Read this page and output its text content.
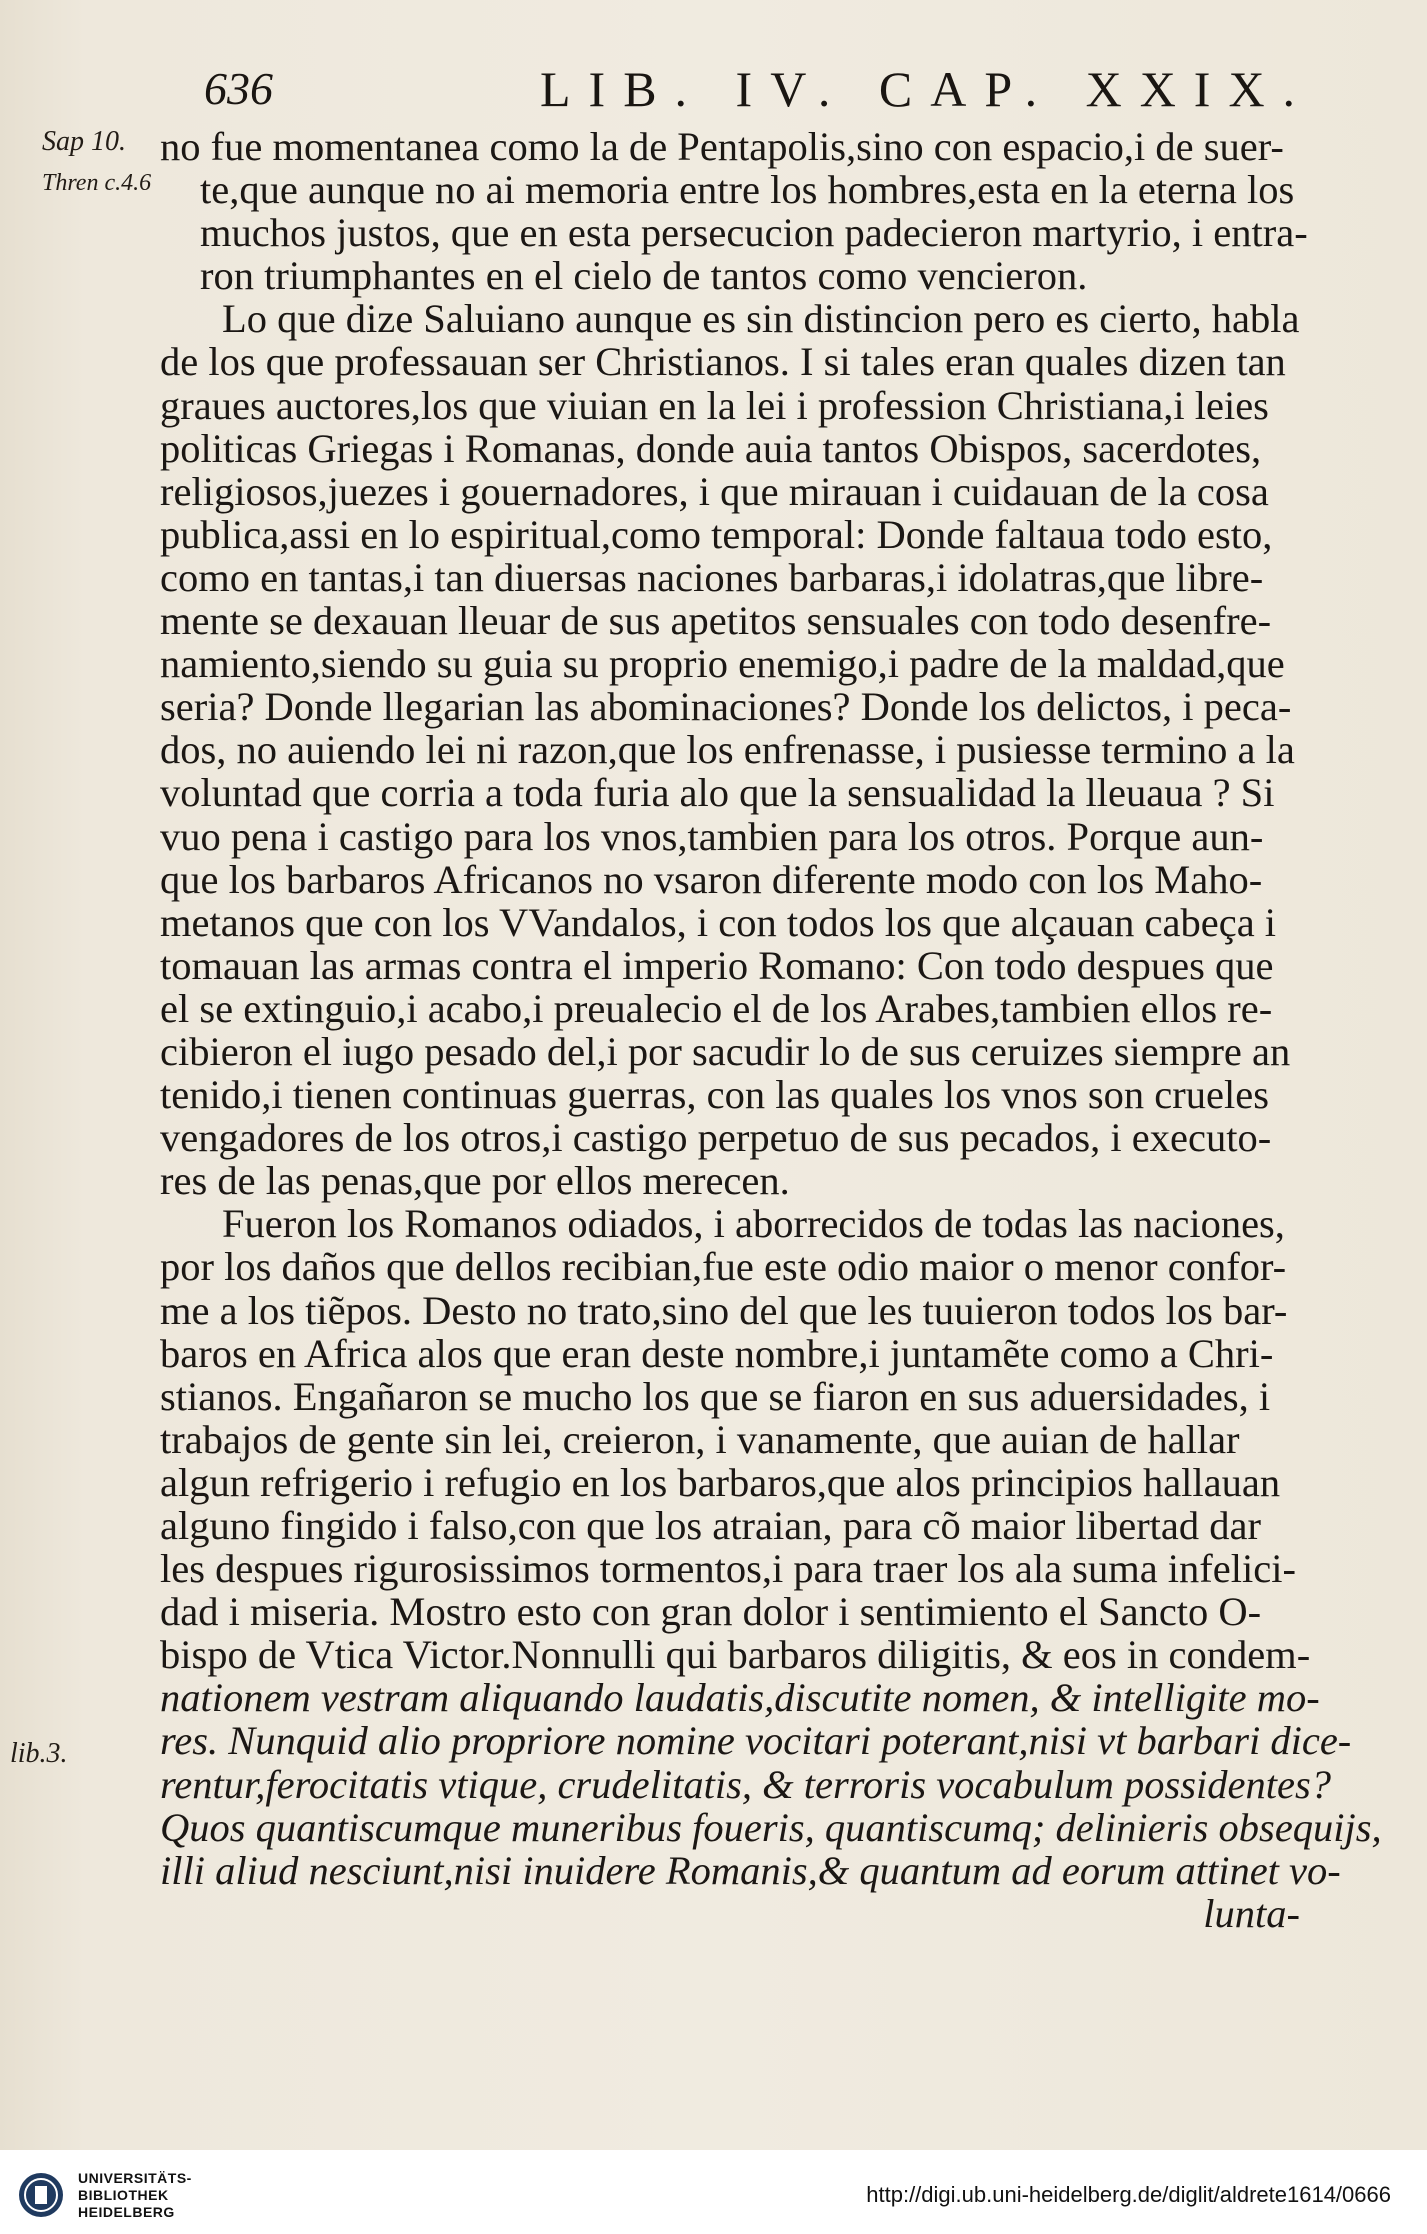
636	LIB. IV. CAP. XXIX.
Sap 10.
Thren c.4.6
lib.3.
no fue momentanea como la de Pentapolis,sino con espacio,i de suer-
te,que aunque no ai memoria entre los hombres,esta en la eterna los
muchos justos, que en esta persecucion padecieron martyrio, i entra-
ron triumphantes en el cielo de tantos como vencieron.
Lo que dize Saluiano aunque es sin distincion pero es cierto, habla
de los que professauan ser Christianos. I si tales eran quales dizen tan
graues auctores,los que viuian en la lei i profession Christiana,i leies
politicas Griegas i Romanas, donde auia tantos Obispos, sacerdotes,
religiosos,juezes i gouernadores, i que mirauan i cuidauan de la cosa
publica,assi en lo espiritual,como temporal: Donde faltaua todo esto,
como en tantas,i tan diuersas naciones barbaras,i idolatras,que libre-
mente se dexauan lleuar de sus apetitos sensuales con todo desenfre-
namiento,siendo su guia su proprio enemigo,i padre de la maldad,que
seria? Donde llegarian las abominaciones? Donde los delictos, i peca-
dos, no auiendo lei ni razon,que los enfrenasse, i pusiesse termino a la
voluntad que corria a toda furia alo que la sensualidad la lleuaua ? Si
vuo pena i castigo para los vnos,tambien para los otros. Porque aun-
que los barbaros Africanos no vsaron diferente modo con los Maho-
metanos que con los VVandalos, i con todos los que alçauan cabeça i
tomauan las armas contra el imperio Romano: Con todo despues que
el se extinguio,i acabo,i preualecio el de los Arabes,tambien ellos re-
cibieron el iugo pesado del,i por sacudir lo de sus ceruizes siempre an
tenido,i tienen continuas guerras, con las quales los vnos son crueles
vengadores de los otros,i castigo perpetuo de sus pecados, i executo-
res de las penas,que por ellos merecen.
Fueron los Romanos odiados, i aborrecidos de todas las naciones,
por los daños que dellos recibian,fue este odio maior o menor confor-
me a los tiẽpos. Desto no trato,sino del que les tuuieron todos los bar-
baros en Africa alos que eran deste nombre,i juntamẽte como a Chri-
stianos. Engañaron se mucho los que se fiaron en sus aduersidades, i
trabajos de gente sin lei, creieron, i vanamente, que auian de hallar
algun refrigerio i refugio en los barbaros,que alos principios hallauan
alguno fingido i falso,con que los atraian, para cõ maior libertad dar
les despues rigurosissimos tormentos,i para traer los ala suma infelici-
dad i miseria. Mostro esto con gran dolor i sentimiento el Sancto O-
bispo de Vtica Victor.Nonnulli qui barbaros diligitis, & eos in condem-
nationem vestram aliquando laudatis,discutite nomen, & intelligite mo-
res. Nunquid alio propriore nomine vocitari poterant,nisi vt barbari dice-
rentur,ferocitatis vtique, crudelitatis, & terroris vocabulum possidentes?
Quos quantiscumque muneribus foueris, quantiscumq; delinieris obsequijs,
illi aliud nesciunt,nisi inuidere Romanis,& quantum ad eorum attinet vo-
lunta-
UNIVERSITÄTS-
BIBLIOTHEK
HEIDELBERG
http://digi.ub.uni-heidelberg.de/diglit/aldrete1614/0666
